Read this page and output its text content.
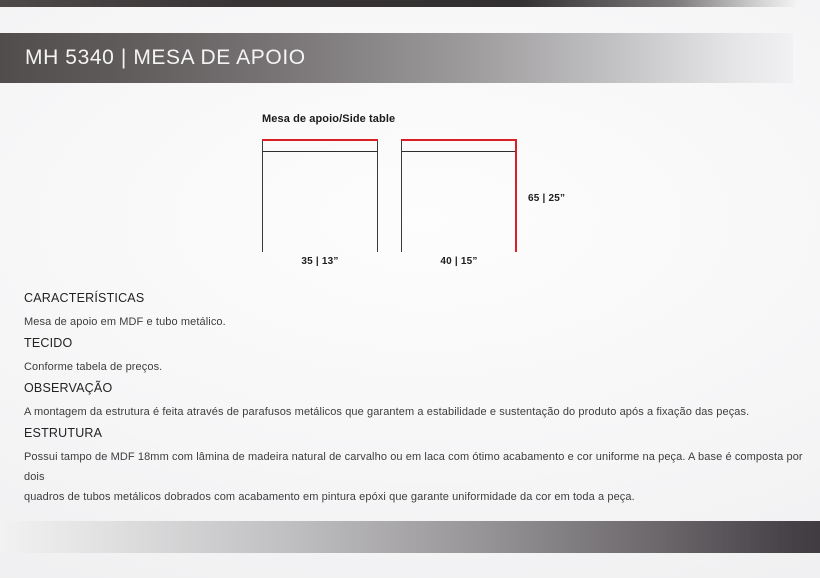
MH 5340 | MESA DE APOIO
Mesa de apoio/Side table
35 | 13”	40 | 15”
65 | 25”
CARACTERÍSTICAS
Mesa de apoio em MDF e tubo metálico.
TECIDO
Conforme tabela de preços.
OBSERVAÇÃO
A montagem da estrutura é feita através de parafusos metálicos que garantem a estabilidade e sustentação do produto após a fixação das peças.
ESTRUTURA
Possui tampo de MDF 18mm com lâmina de madeira natural de carvalho ou em laca com ótimo acabamento e cor uniforme na peça. A base é composta por dois
quadros de tubos metálicos dobrados com acabamento em pintura epóxi que garante uniformidade da cor em toda a peça.
